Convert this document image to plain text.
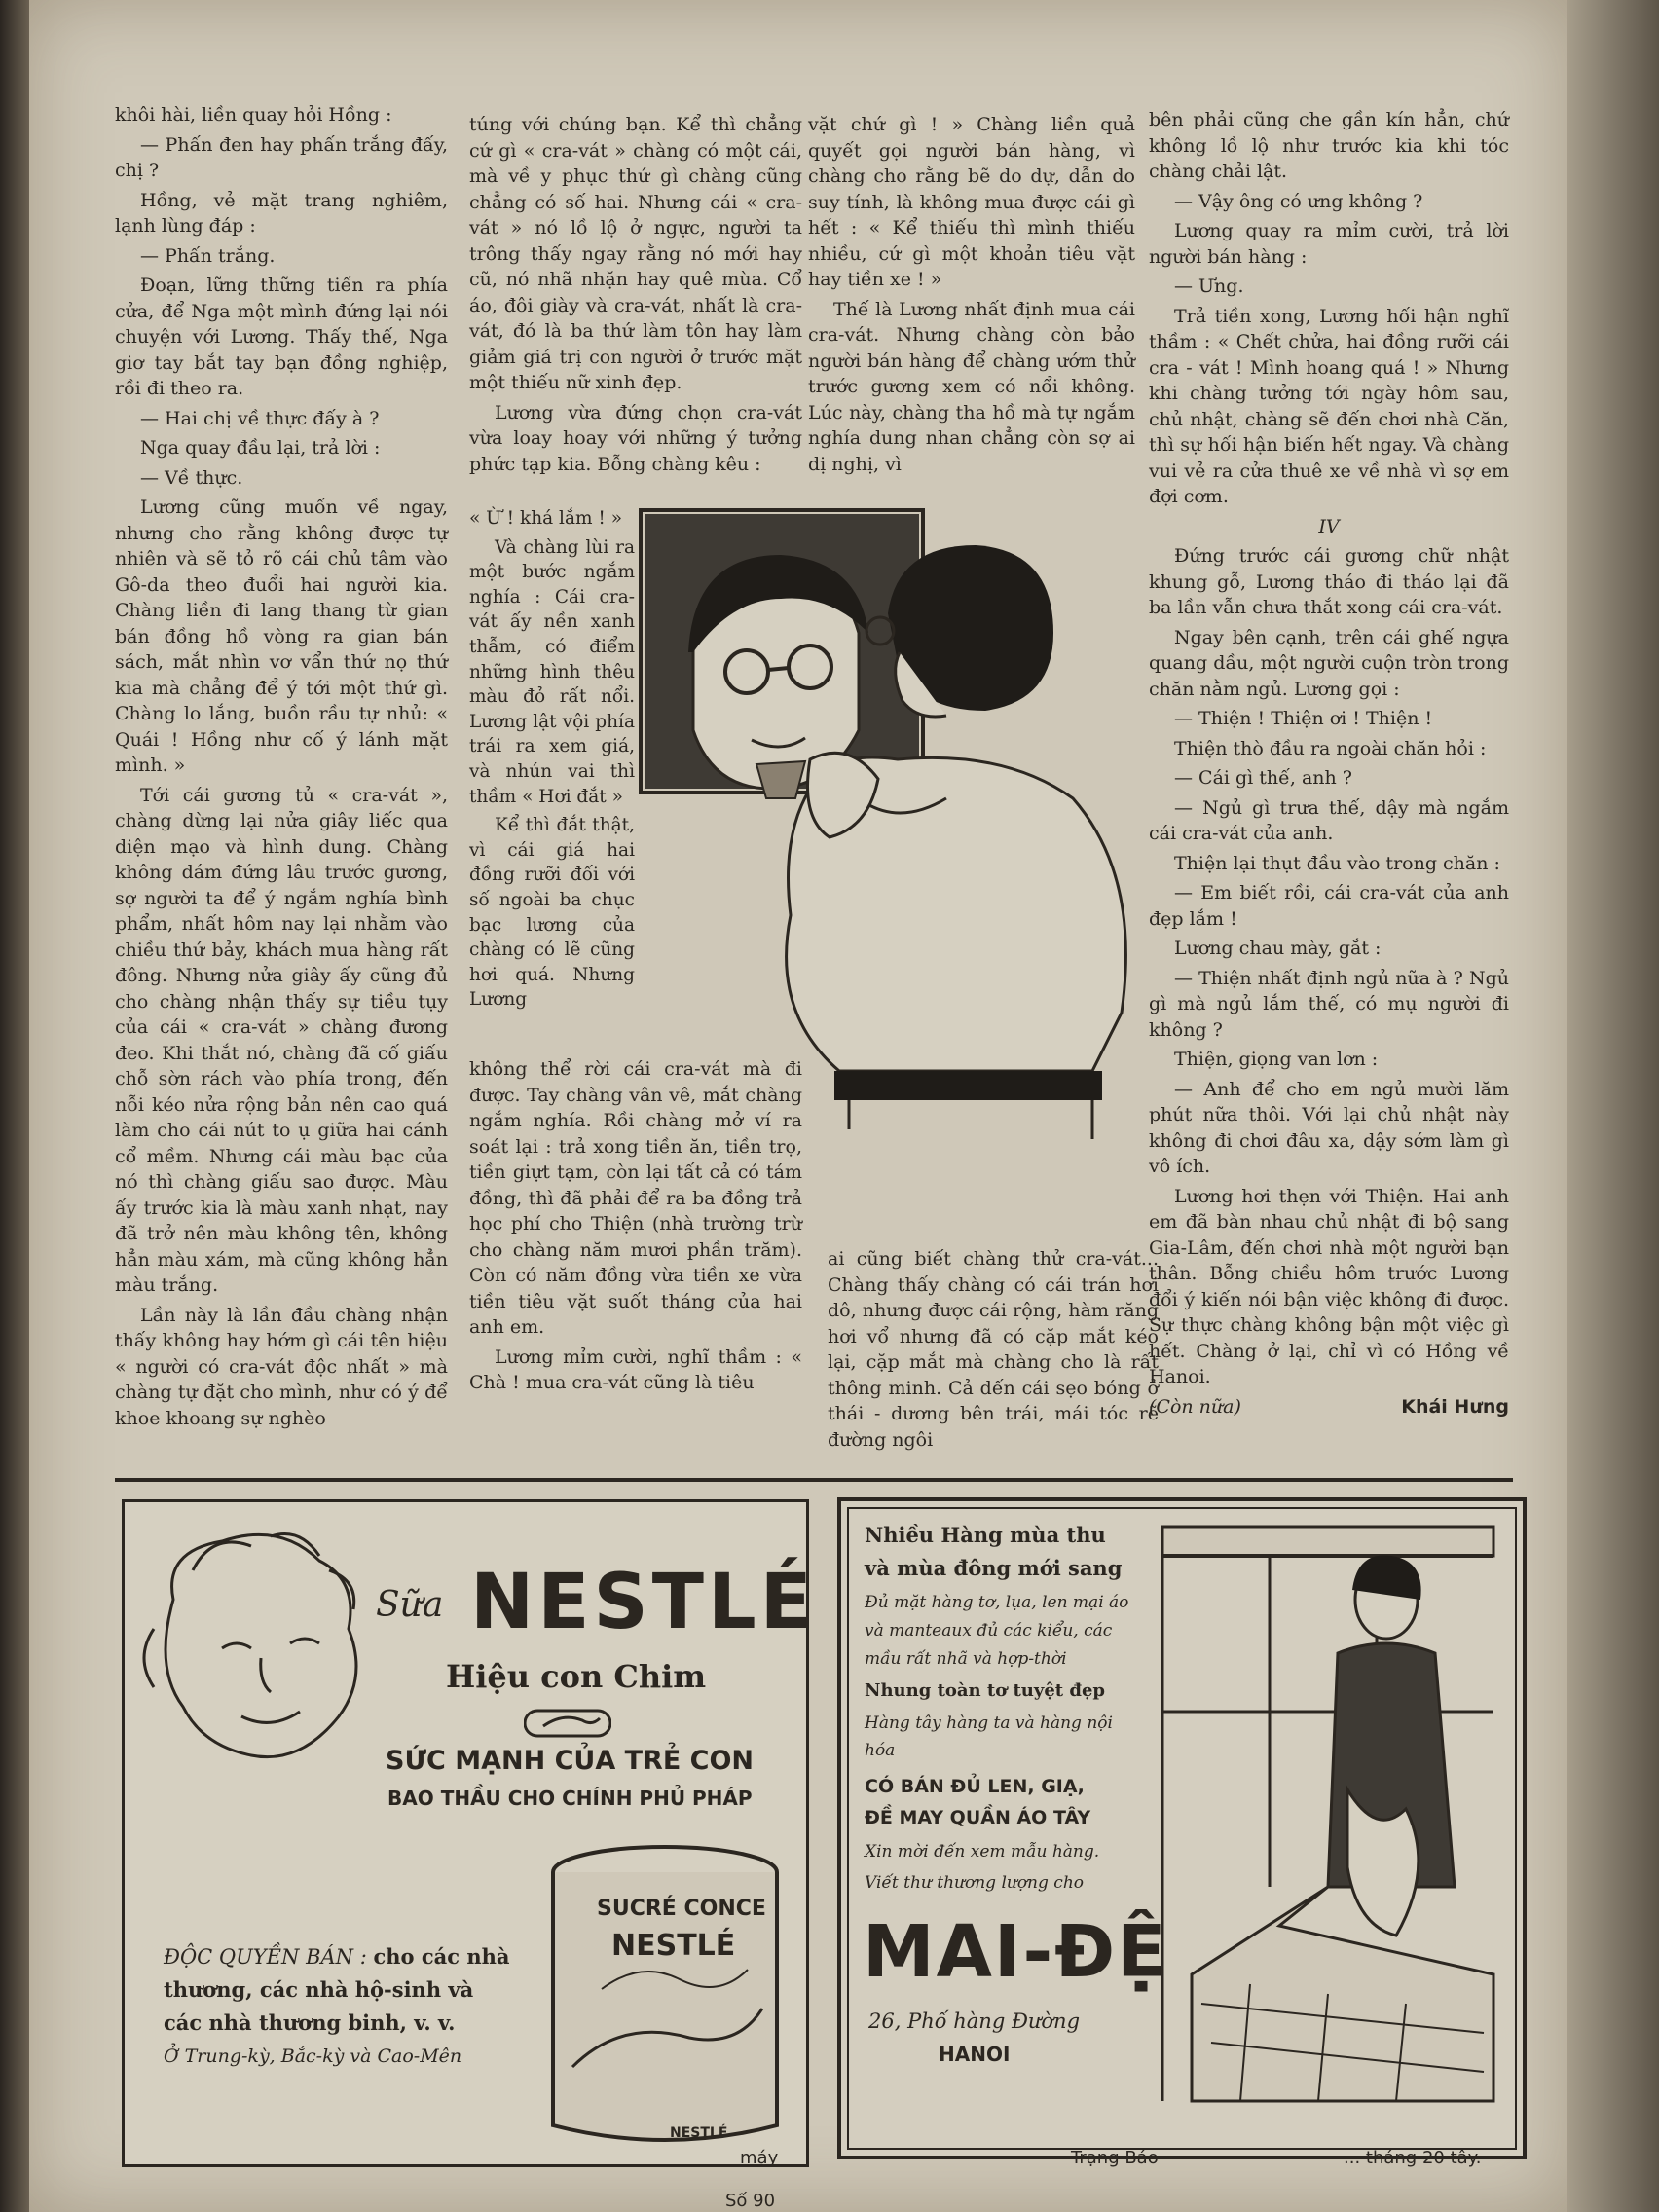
khôi hài, liền quay hỏi Hồng :

— Phấn đen hay phấn trắng đấy, chị ?

Hồng, vẻ mặt trang nghiêm, lạnh lùng đáp :

— Phấn trắng.

Đoạn, lững thững tiến ra phía cửa, để Nga một mình đứng lại nói chuyện với Lương. Thấy thế, Nga giơ tay bắt tay bạn đồng nghiệp, rồi đi theo ra.

— Hai chị về thực đấy à ?

Nga quay đầu lại, trả lời :

— Về thực.

Lương cũng muốn về ngay, nhưng cho rằng không được tự nhiên và sẽ tỏ rõ cái chủ tâm vào Gô-da theo đuổi hai người kia. Chàng liền đi lang thang từ gian bán đồng hồ vòng ra gian bán sách, mắt nhìn vơ vẩn thứ nọ thứ kia mà chẳng để ý tới một thứ gì. Chàng lo lắng, buồn rầu tự nhủ: « Quái ! Hồng như cố ý lánh mặt mình. »

Tới cái gương tủ « cra-vát », chàng dừng lại nửa giây liếc qua diện mạo và hình dung. Chàng không dám đứng lâu trước gương, sợ người ta để ý ngắm nghía bình phẩm, nhất hôm nay lại nhằm vào chiều thứ bảy, khách mua hàng rất đông. Nhưng nửa giây ấy cũng đủ cho chàng nhận thấy sự tiều tụy của cái « cra-vát » chàng đương đeo. Khi thắt nó, chàng đã cố giấu chỗ sờn rách vào phía trong, đến nỗi kéo nửa rộng bản nên cao quá làm cho cái nút to ụ giữa hai cánh cổ mềm. Nhưng cái màu bạc của nó thì chàng giấu sao được. Màu ấy trước kia là màu xanh nhạt, nay đã trở nên màu không tên, không hẳn màu xám, mà cũng không hẳn màu trắng.

Lần này là lần đầu chàng nhận thấy không hay hớm gì cái tên hiệu « người có cra-vát độc nhất » mà chàng tự đặt cho mình, như có ý để khoe khoang sự nghèo

túng với chúng bạn. Kể thì chẳng cứ gì « cra-vát » chàng có một cái, mà về y phục thứ gì chàng cũng chẳng có số hai. Nhưng cái « cra-vát » nó lồ lộ ở ngực, người ta trông thấy ngay rằng nó mới hay cũ, nó nhã nhặn hay quê mùa. Cổ áo, đôi giày và cra-vát, nhất là cra-vát, đó là ba thứ làm tôn hay làm giảm giá trị con người ở trước mặt một thiếu nữ xinh đẹp.

Lương vừa đứng chọn cra-vát vừa loay hoay với những ý tưởng phức tạp kia. Bỗng chàng kêu :

« Ừ ! khá lắm ! »

Và chàng lùi ra một bước ngắm nghía : Cái cra-vát ấy nền xanh thẫm, có điểm những hình thêu màu đỏ rất nổi. Lương lật vội phía trái ra xem giá, và nhún vai thì thầm « Hơi đắt »

Kể thì đắt thật, vì cái giá hai đồng rưỡi đối với số ngoài ba chục bạc lương của chàng có lẽ cũng hơi quá. Nhưng Lương

không thể rời cái cra-vát mà đi được. Tay chàng vân vê, mắt chàng ngắm nghía. Rồi chàng mở ví ra soát lại : trả xong tiền ăn, tiền trọ, tiền giựt tạm, còn lại tất cả có tám đồng, thì đã phải để ra ba đồng trả học phí cho Thiện (nhà trường trừ cho chàng năm mươi phần trăm). Còn có năm đồng vừa tiền xe vừa tiền tiêu vặt suốt tháng của hai anh em.

Lương mỉm cười, nghĩ thầm : « Chà ! mua cra-vát cũng là tiêu

vặt chứ gì ! » Chàng liền quả quyết gọi người bán hàng, vì chàng cho rằng bẽ do dự, dẫn do suy tính, là không mua được cái gì hết : « Kể thiếu thì mình thiếu nhiều, cứ gì một khoản tiêu vặt hay tiền xe ! »

Thế là Lương nhất định mua cái cra-vát. Nhưng chàng còn bảo người bán hàng để chàng ướm thử trước gương xem có nổi không. Lúc này, chàng tha hồ mà tự ngắm nghía dung nhan chẳng còn sợ ai dị nghị, vì

ai cũng biết chàng thử cra-vát... Chàng thấy chàng có cái trán hơi dô, nhưng được cái rộng, hàm răng hơi vổ nhưng đã có cặp mắt kéo lại, cặp mắt mà chàng cho là rất thông minh. Cả đến cái sẹo bóng ở thái - dương bên trái, mái tóc rẽ đường ngôi

bên phải cũng che gần kín hẳn, chứ không lồ lộ như trước kia khi tóc chàng chải lật.

— Vậy ông có ưng không ?

Lương quay ra mỉm cười, trả lời người bán hàng :

— Ưng.

Trả tiền xong, Lương hối hận nghĩ thầm : « Chết chửa, hai đồng rưỡi cái cra - vát ! Mình hoang quá ! » Nhưng khi chàng tưởng tới ngày hôm sau, chủ nhật, chàng sẽ đến chơi nhà Căn, thì sự hối hận biến hết ngay. Và chàng vui vẻ ra cửa thuê xe về nhà vì sợ em đợi cơm.

IV

Đứng trước cái gương chữ nhật khung gỗ, Lương tháo đi tháo lại đã ba lần vẫn chưa thắt xong cái cra-vát.

Ngay bên cạnh, trên cái ghế ngựa quang dầu, một người cuộn tròn trong chăn nằm ngủ. Lương gọi :

— Thiện ! Thiện ơi ! Thiện !

Thiện thò đầu ra ngoài chăn hỏi :

— Cái gì thế, anh ?

— Ngủ gì trưa thế, dậy mà ngắm cái cra-vát của anh.

Thiện lại thụt đầu vào trong chăn :

— Em biết rồi, cái cra-vát của anh đẹp lắm !

Lương chau mày, gắt :

— Thiện nhất định ngủ nữa à ? Ngủ gì mà ngủ lắm thế, có mụ người đi không ?

Thiện, giọng van lơn :

— Anh để cho em ngủ mười lăm phút nữa thôi. Với lại chủ nhật này không đi chơi đâu xa, dậy sớm làm gì vô ích.

Lương hơi thẹn với Thiện. Hai anh em đã bàn nhau chủ nhật đi bộ sang Gia-Lâm, đến chơi nhà một người bạn thân. Bỗng chiều hôm trước Lương đổi ý kiến nói bận việc không đi được. Sự thực chàng không bận một việc gì hết. Chàng ở lại, chỉ vì có Hồng về Hanoi.

(Còn nữa)	Khái Hưng

Sữa NESTLÉ
Hiệu con Chim
SỨC MẠNH CỦA TRẺ CON
BAO THẦU CHO CHÍNH PHỦ PHÁP
ĐỘC QUYỀN BÁN : cho các nhà thương, các nhà hộ-sinh và các nhà thương binh, v. v.
Ở Trung-kỳ, Bắc-kỳ và Cao-Mên
SUCRÉ CONCE
NESTLÉ
NESTLÉ
Nhiều Hàng mùa thu
và mùa đông mới sang
Đủ mặt hàng tơ, lụa, len mại áo và manteaux đủ các kiểu, các mầu rất nhã và hợp-thời
Nhung toàn tơ tuyệt đẹp
Hàng tây hàng ta và hàng nội hóa
CÓ BÁN ĐỦ LEN, GIẠ,
ĐỀ MAY QUẦN ÁO TÂY
Xin mời đến xem mẫu hàng.
Viết thư thương lượng cho
MAI-ĐỆ
26, Phố hàng Đường
HANOI
máy	Trạng Báo	... tháng 20 tây.
Số 90
